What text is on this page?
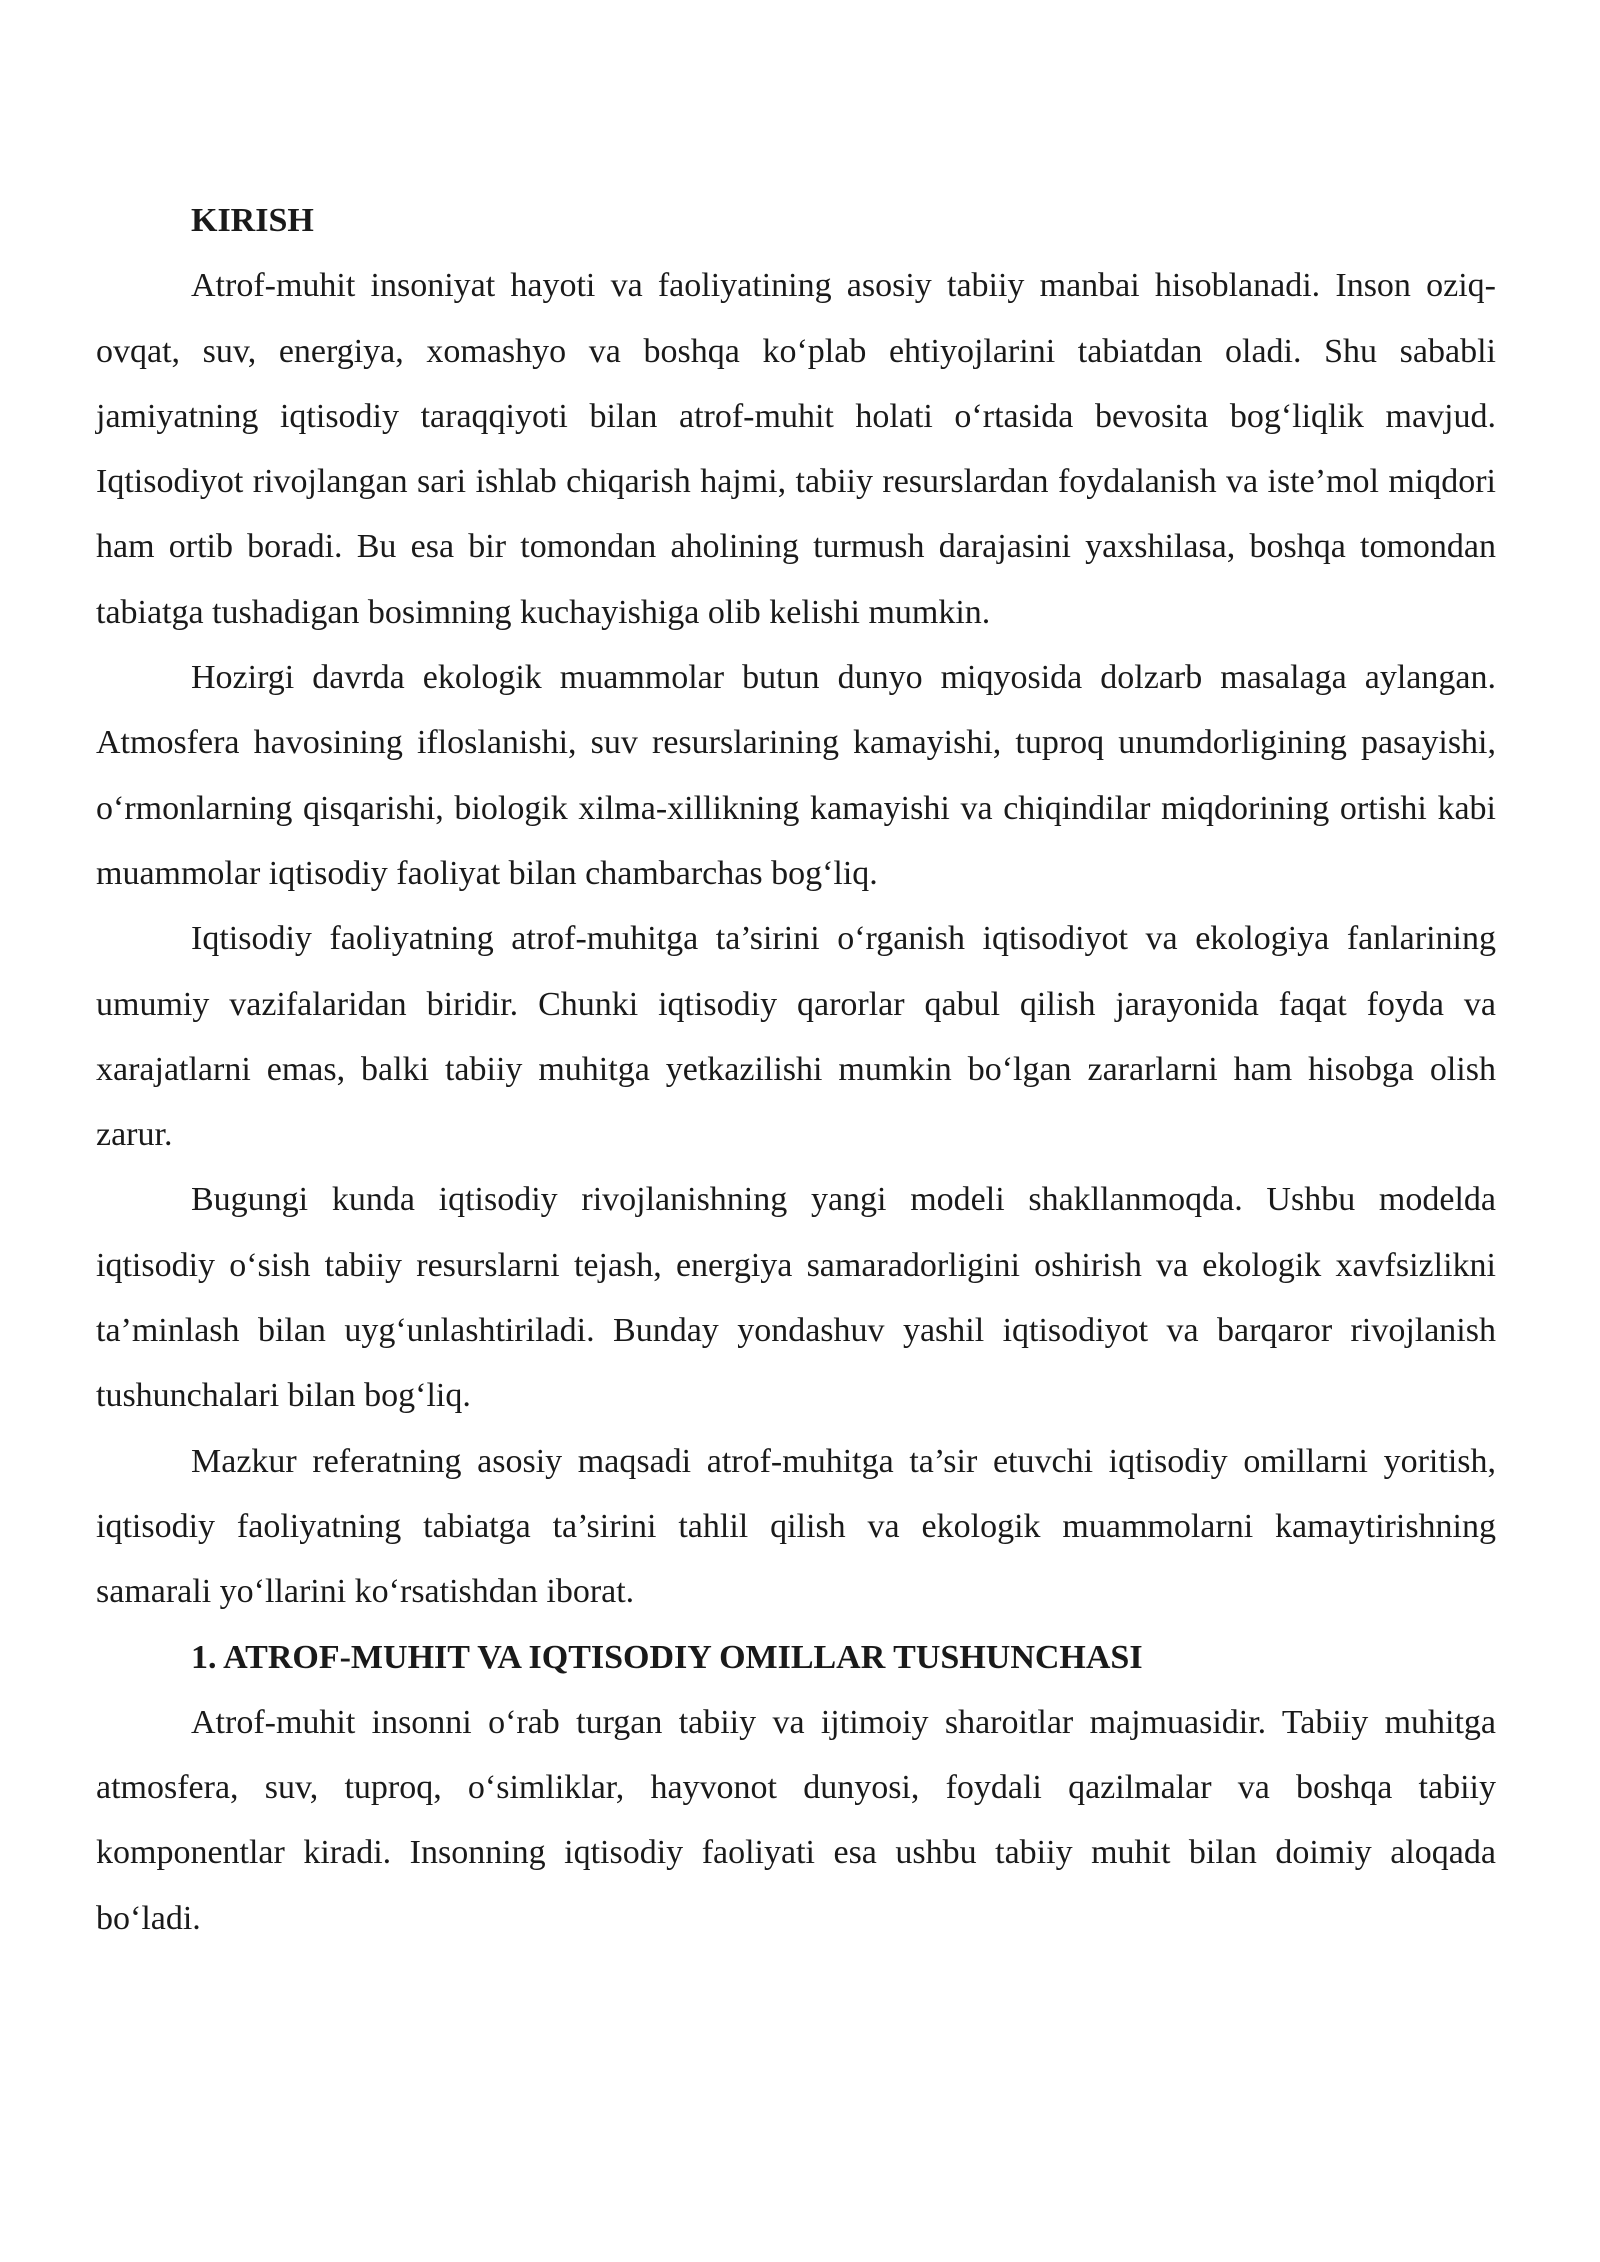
KIRISH

Atrof-muhit insoniyat hayoti va faoliyatining asosiy tabiiy manbai hisoblanadi. Inson oziq-ovqat, suv, energiya, xomashyo va boshqa ko‘plab ehtiyojlarini tabiatdan oladi. Shu sababli jamiyatning iqtisodiy taraqqiyoti bilan atrof-muhit holati o‘rtasida bevosita bog‘liqlik mavjud. Iqtisodiyot rivojlangan sari ishlab chiqarish hajmi, tabiiy resurslardan foydalanish va iste’mol miqdori ham ortib boradi. Bu esa bir tomondan aholining turmush darajasini yaxshilasa, boshqa tomondan tabiatga tushadigan bosimning kuchayishiga olib kelishi mumkin.

Hozirgi davrda ekologik muammolar butun dunyo miqyosida dolzarb masalaga aylangan. Atmosfera havosining ifloslanishi, suv resurslarining kamayishi, tuproq unumdorligining pasayishi, o‘rmonlarning qisqarishi, biologik xilma-xillikning kamayishi va chiqindilar miqdorining ortishi kabi muammolar iqtisodiy faoliyat bilan chambarchas bog‘liq.

Iqtisodiy faoliyatning atrof-muhitga ta’sirini o‘rganish iqtisodiyot va ekologiya fanlarining umumiy vazifalaridan biridir. Chunki iqtisodiy qarorlar qabul qilish jarayonida faqat foyda va xarajatlarni emas, balki tabiiy muhitga yetkazilishi mumkin bo‘lgan zararlarni ham hisobga olish zarur.

Bugungi kunda iqtisodiy rivojlanishning yangi modeli shakllanmoqda. Ushbu modelda iqtisodiy o‘sish tabiiy resurslarni tejash, energiya samaradorligini oshirish va ekologik xavfsizlikni ta’minlash bilan uyg‘unlashtiriladi. Bunday yondashuv yashil iqtisodiyot va barqaror rivojlanish tushunchalari bilan bog‘liq.

Mazkur referatning asosiy maqsadi atrof-muhitga ta’sir etuvchi iqtisodiy omillarni yoritish, iqtisodiy faoliyatning tabiatga ta’sirini tahlil qilish va ekologik muammolarni kamaytirishning samarali yo‘llarini ko‘rsatishdan iborat.

1. ATROF-MUHIT VA IQTISODIY OMILLAR TUSHUNCHASI

Atrof-muhit insonni o‘rab turgan tabiiy va ijtimoiy sharoitlar majmuasidir. Tabiiy muhitga atmosfera, suv, tuproq, o‘simliklar, hayvonot dunyosi, foydali qazilmalar va boshqa tabiiy komponentlar kiradi. Insonning iqtisodiy faoliyati esa ushbu tabiiy muhit bilan doimiy aloqada bo‘ladi.
